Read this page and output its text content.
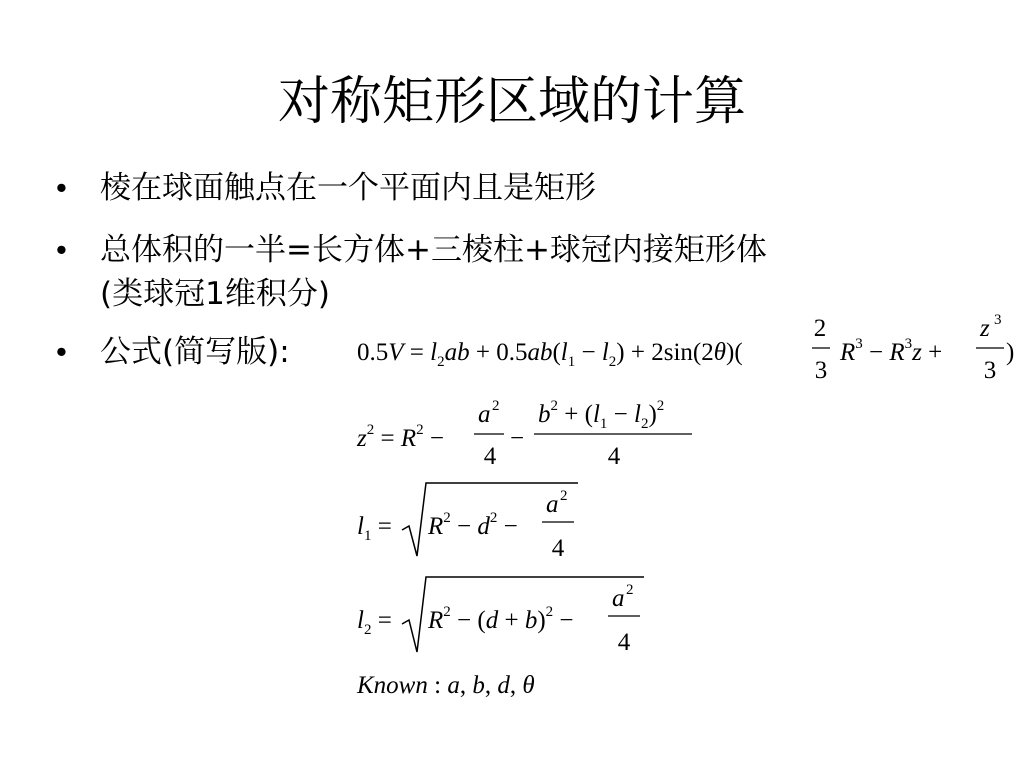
对称矩形区域的计算
•	棱在球面触点在一个平面内且是矩形
•	总体积的一半=长方体+三棱柱+球冠内接矩形体
(类球冠1维积分)
•	公式(简写版):	$0.5V = l_2ab + 0.5ab(l_1 - l_2) + 2\sin(2\theta)$(
2
3
$R^3 - R^3z$ +
z 3
3
)
$z^2 = R^2$ −
a 2
4
−
$b^2 + (l_1 - l_2)^2$
4
$l_1 = R^2 - d^2$ −
a 2
4
$l_2 = R^2 - (d + b)^2$ −
a 2
4
Known : a, b, d, θ
